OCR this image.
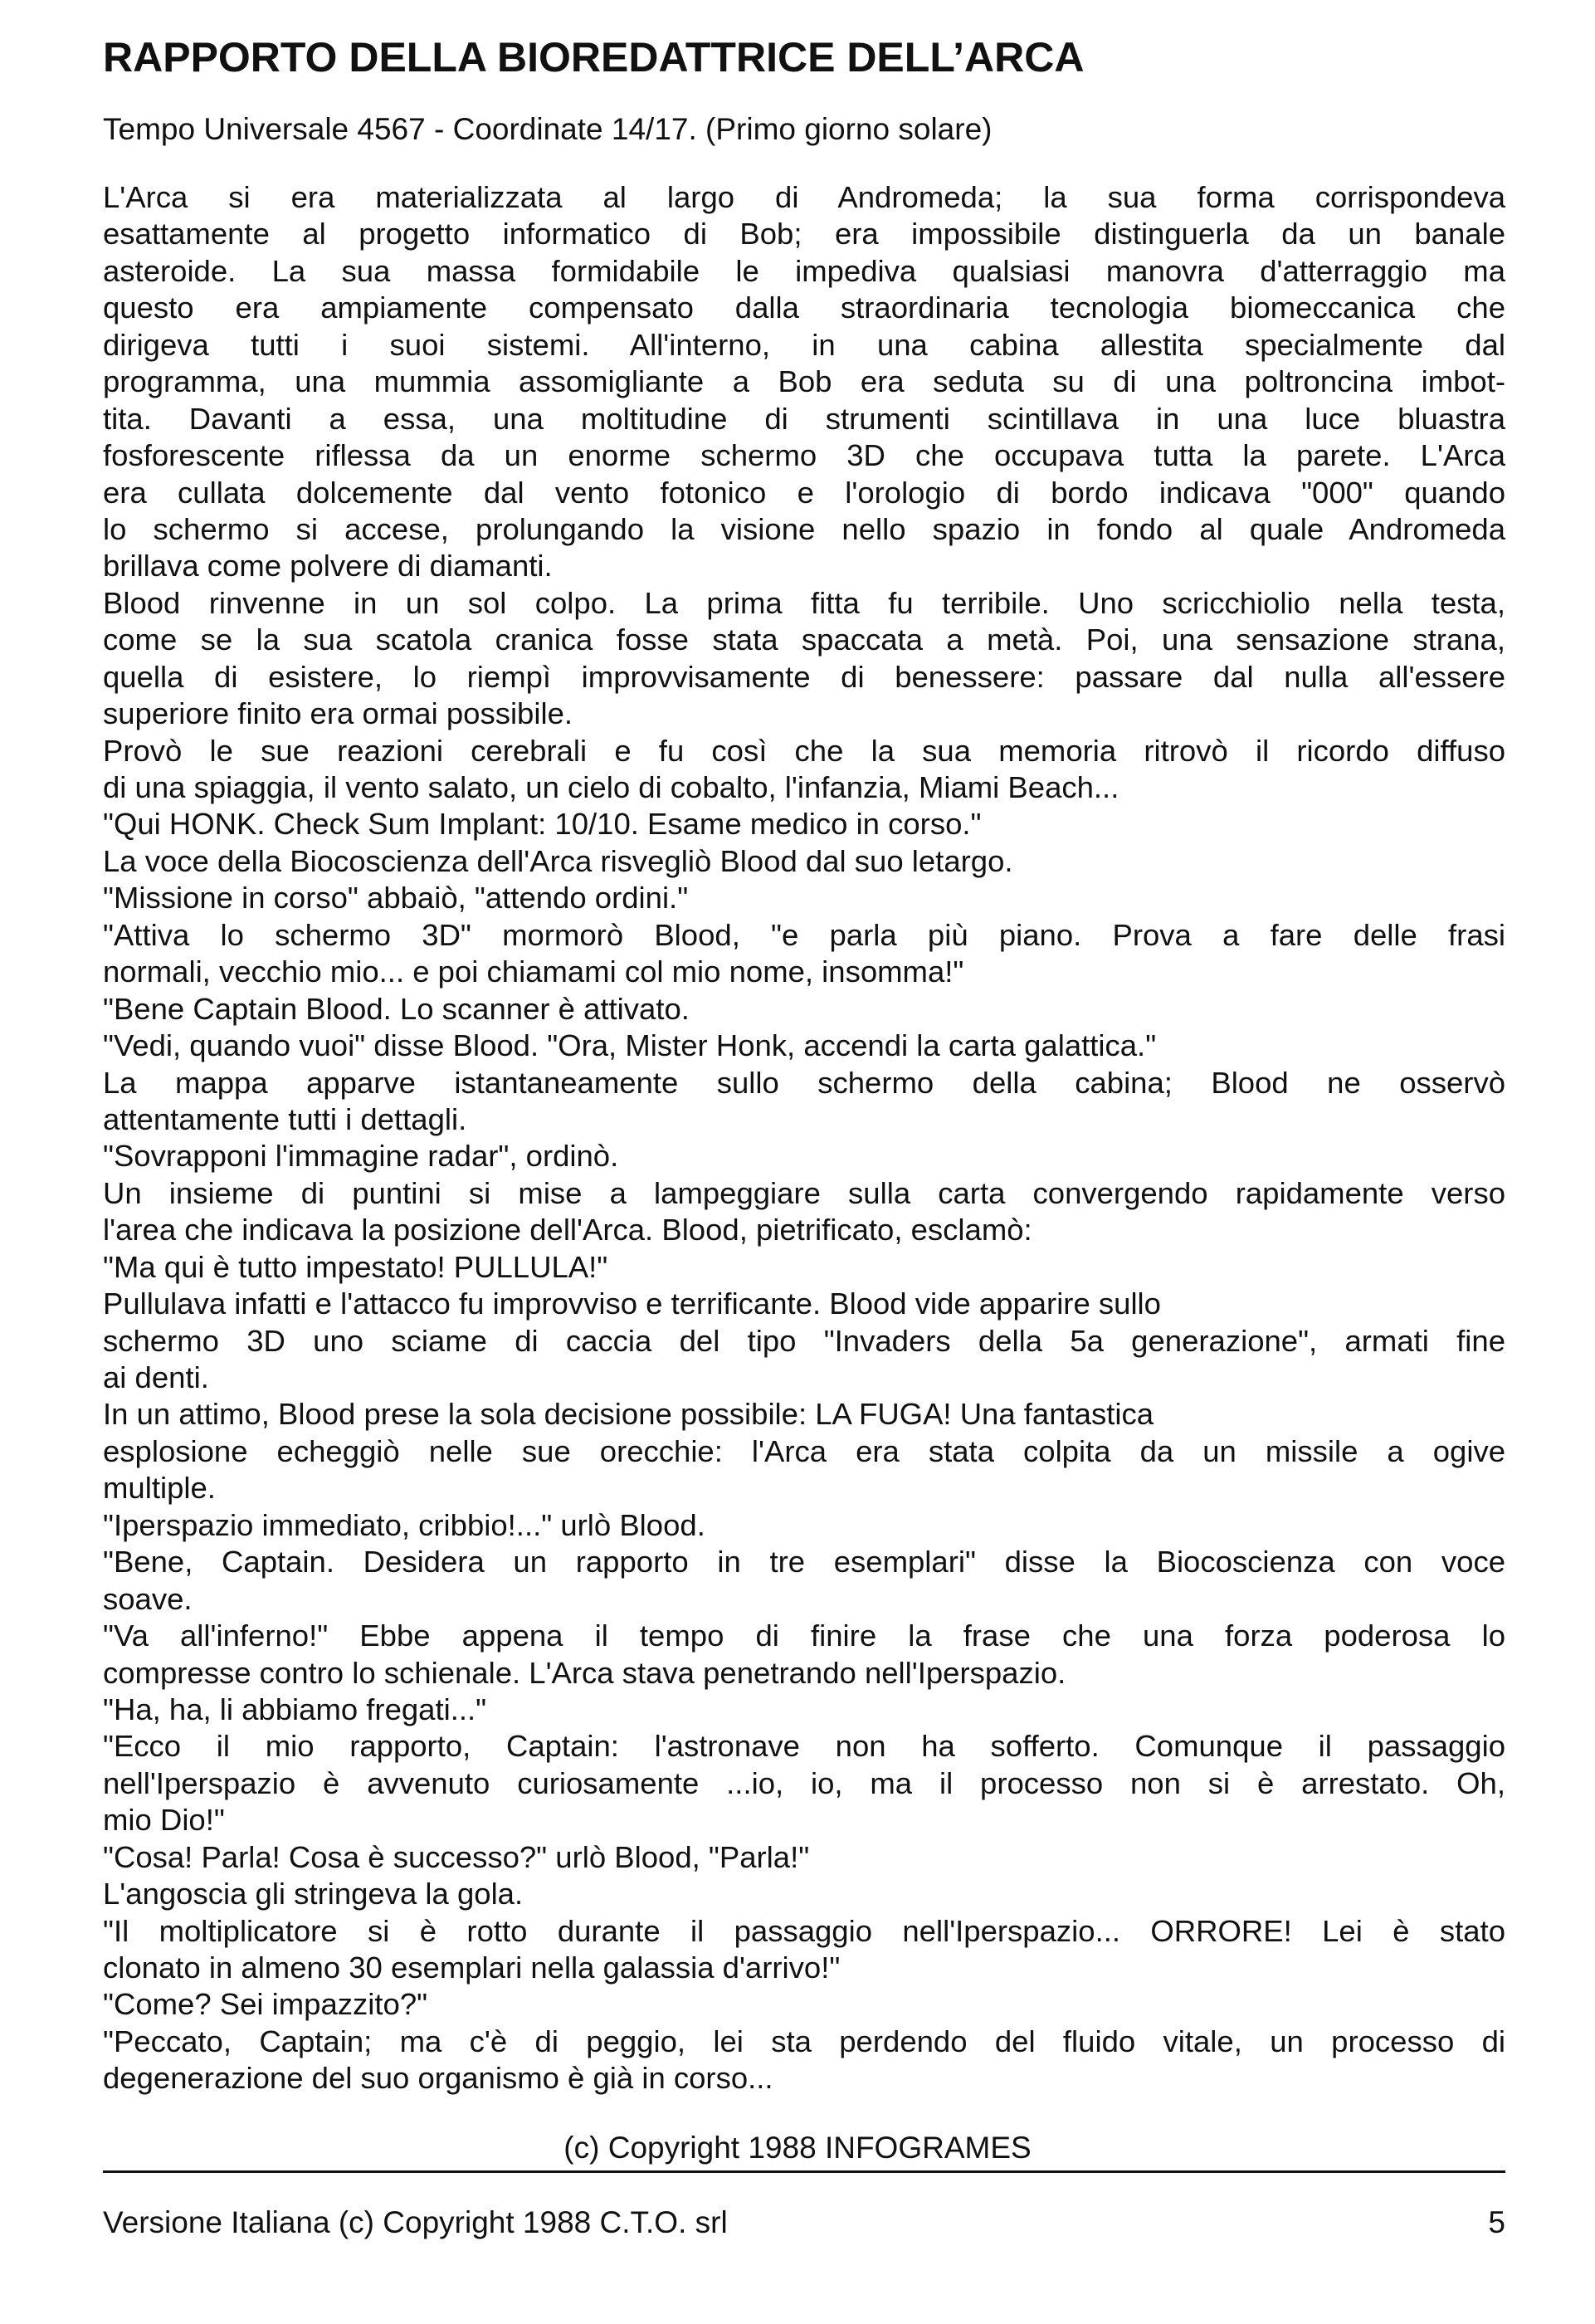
RAPPORTO DELLA BIOREDATTRICE DELL’ARCA

Tempo Universale 4567 - Coordinate 14/17. (Primo giorno solare)

L'Arca si era materializzata al largo di Andromeda; la sua forma corrispondeva
esattamente al progetto informatico di Bob; era impossibile distinguerla da un banale
asteroide. La sua massa formidabile le impediva qualsiasi manovra d'atterraggio ma
questo era ampiamente compensato dalla straordinaria tecnologia biomeccanica che
dirigeva tutti i suoi sistemi. All'interno, in una cabina allestita specialmente dal
programma, una mummia assomigliante a Bob era seduta su di una poltroncina imbot-
tita. Davanti a essa, una moltitudine di strumenti scintillava in una luce bluastra
fosforescente riflessa da un enorme schermo 3D che occupava tutta la parete. L'Arca
era cullata dolcemente dal vento fotonico e l'orologio di bordo indicava "000" quando
lo schermo si accese, prolungando la visione nello spazio in fondo al quale Andromeda
brillava come polvere di diamanti.
Blood rinvenne in un sol colpo. La prima fitta fu terribile. Uno scricchiolio nella testa,
come se la sua scatola cranica fosse stata spaccata a metà. Poi, una sensazione strana,
quella di esistere, lo riempì improvvisamente di benessere: passare dal nulla all'essere
superiore finito era ormai possibile.
Provò le sue reazioni cerebrali e fu così che la sua memoria ritrovò il ricordo diffuso
di una spiaggia, il vento salato, un cielo di cobalto, l'infanzia, Miami Beach...
"Qui HONK. Check Sum Implant: 10/10. Esame medico in corso."
La voce della Biocoscienza dell'Arca risvegliò Blood dal suo letargo.
"Missione in corso" abbaiò, "attendo ordini."
"Attiva lo schermo 3D" mormorò Blood, "e parla più piano. Prova a fare delle frasi
normali, vecchio mio... e poi chiamami col mio nome, insomma!"
"Bene Captain Blood. Lo scanner è attivato.
"Vedi, quando vuoi" disse Blood. "Ora, Mister Honk, accendi la carta galattica."
La mappa apparve istantaneamente sullo schermo della cabina; Blood ne osservò
attentamente tutti i dettagli.
"Sovrapponi l'immagine radar", ordinò.
Un insieme di puntini si mise a lampeggiare sulla carta convergendo rapidamente verso
l'area che indicava la posizione dell'Arca. Blood, pietrificato, esclamò:
"Ma qui è tutto impestato! PULLULA!"
Pullulava infatti e l'attacco fu improvviso e terrificante. Blood vide apparire sullo
schermo 3D uno sciame di caccia del tipo "Invaders della 5a generazione", armati fine
ai denti.
In un attimo, Blood prese la sola decisione possibile: LA FUGA! Una fantastica
esplosione echeggiò nelle sue orecchie: l'Arca era stata colpita da un missile a ogive
multiple.
"Iperspazio immediato, cribbio!..." urlò Blood.
"Bene, Captain. Desidera un rapporto in tre esemplari" disse la Biocoscienza con voce
soave.
"Va all'inferno!" Ebbe appena il tempo di finire la frase che una forza poderosa lo
compresse contro lo schienale. L'Arca stava penetrando nell'Iperspazio.
"Ha, ha, li abbiamo fregati..."
"Ecco il mio rapporto, Captain: l'astronave non ha sofferto. Comunque il passaggio
nell'Iperspazio è avvenuto curiosamente ...io, io, ma il processo non si è arrestato. Oh,
mio Dio!"
"Cosa! Parla! Cosa è successo?" urlò Blood, "Parla!"
L'angoscia gli stringeva la gola.
"Il moltiplicatore si è rotto durante il passaggio nell'Iperspazio... ORRORE! Lei è stato
clonato in almeno 30 esemplari nella galassia d'arrivo!"
"Come? Sei impazzito?"
"Peccato, Captain; ma c'è di peggio, lei sta perdendo del fluido vitale, un processo di
degenerazione del suo organismo è già in corso...

(c) Copyright 1988 INFOGRAMES

Versione Italiana (c) Copyright 1988 C.T.O. srl	5
